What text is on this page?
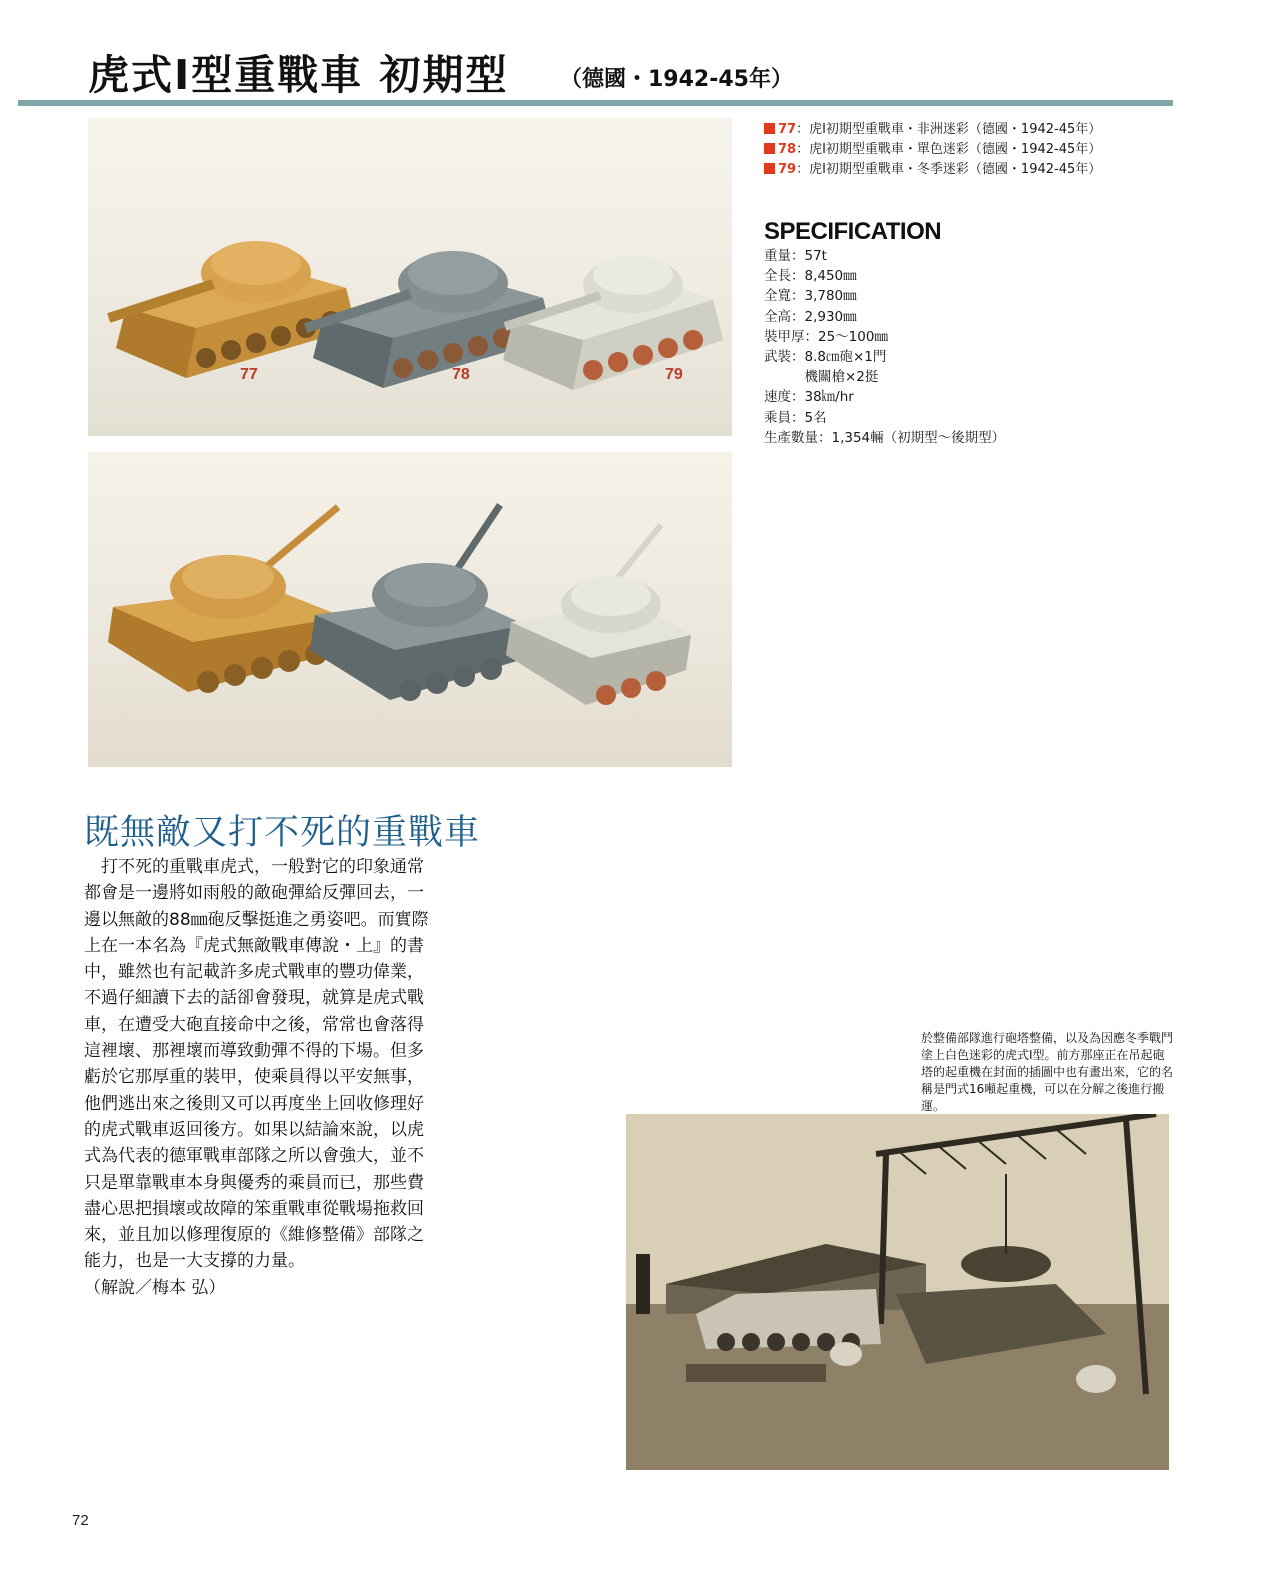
虎式Ⅰ型重戰車 初期型 （德國・1942-45年）
77	78	79
77：虎Ⅰ初期型重戰車・非洲迷彩（德國・1942-45年）
78：虎Ⅰ初期型重戰車・單色迷彩（德國・1942-45年）
79：虎Ⅰ初期型重戰車・冬季迷彩（德國・1942-45年）
SPECIFICATION
重量：57t
全長：8,450㎜
全寬：3,780㎜
全高：2,930㎜
裝甲厚：25～100㎜
武裝：8.8㎝砲×1門
　　　機關槍×2挺
速度：38㎞/hr
乘員：5名
生產數量：1,354輛（初期型～後期型）
既無敵又打不死的重戰車

打不死的重戰車虎式，一般對它的印象通常都會是一邊將如雨般的敵砲彈給反彈回去，一邊以無敵的88㎜砲反擊挺進之勇姿吧。而實際上在一本名為『虎式無敵戰車傳說・上』的書中，雖然也有記載許多虎式戰車的豐功偉業，不過仔細讀下去的話卻會發現，就算是虎式戰車，在遭受大砲直接命中之後，常常也會落得這裡壞、那裡壞而導致動彈不得的下場。但多虧於它那厚重的裝甲，使乘員得以平安無事，他們逃出來之後則又可以再度坐上回收修理好的虎式戰車返回後方。如果以結論來說，以虎式為代表的德軍戰車部隊之所以會強大，並不只是單靠戰車本身與優秀的乘員而已，那些費盡心思把損壞或故障的笨重戰車從戰場拖救回來，並且加以修理復原的《維修整備》部隊之能力，也是一大支撐的力量。

（解說／梅本 弘）
於整備部隊進行砲塔整備，以及為因應冬季戰鬥塗上白色迷彩的虎式Ⅰ型。前方那座正在吊起砲塔的起重機在封面的插圖中也有畫出來，它的名稱是門式16噸起重機，可以在分解之後進行搬運。
72
